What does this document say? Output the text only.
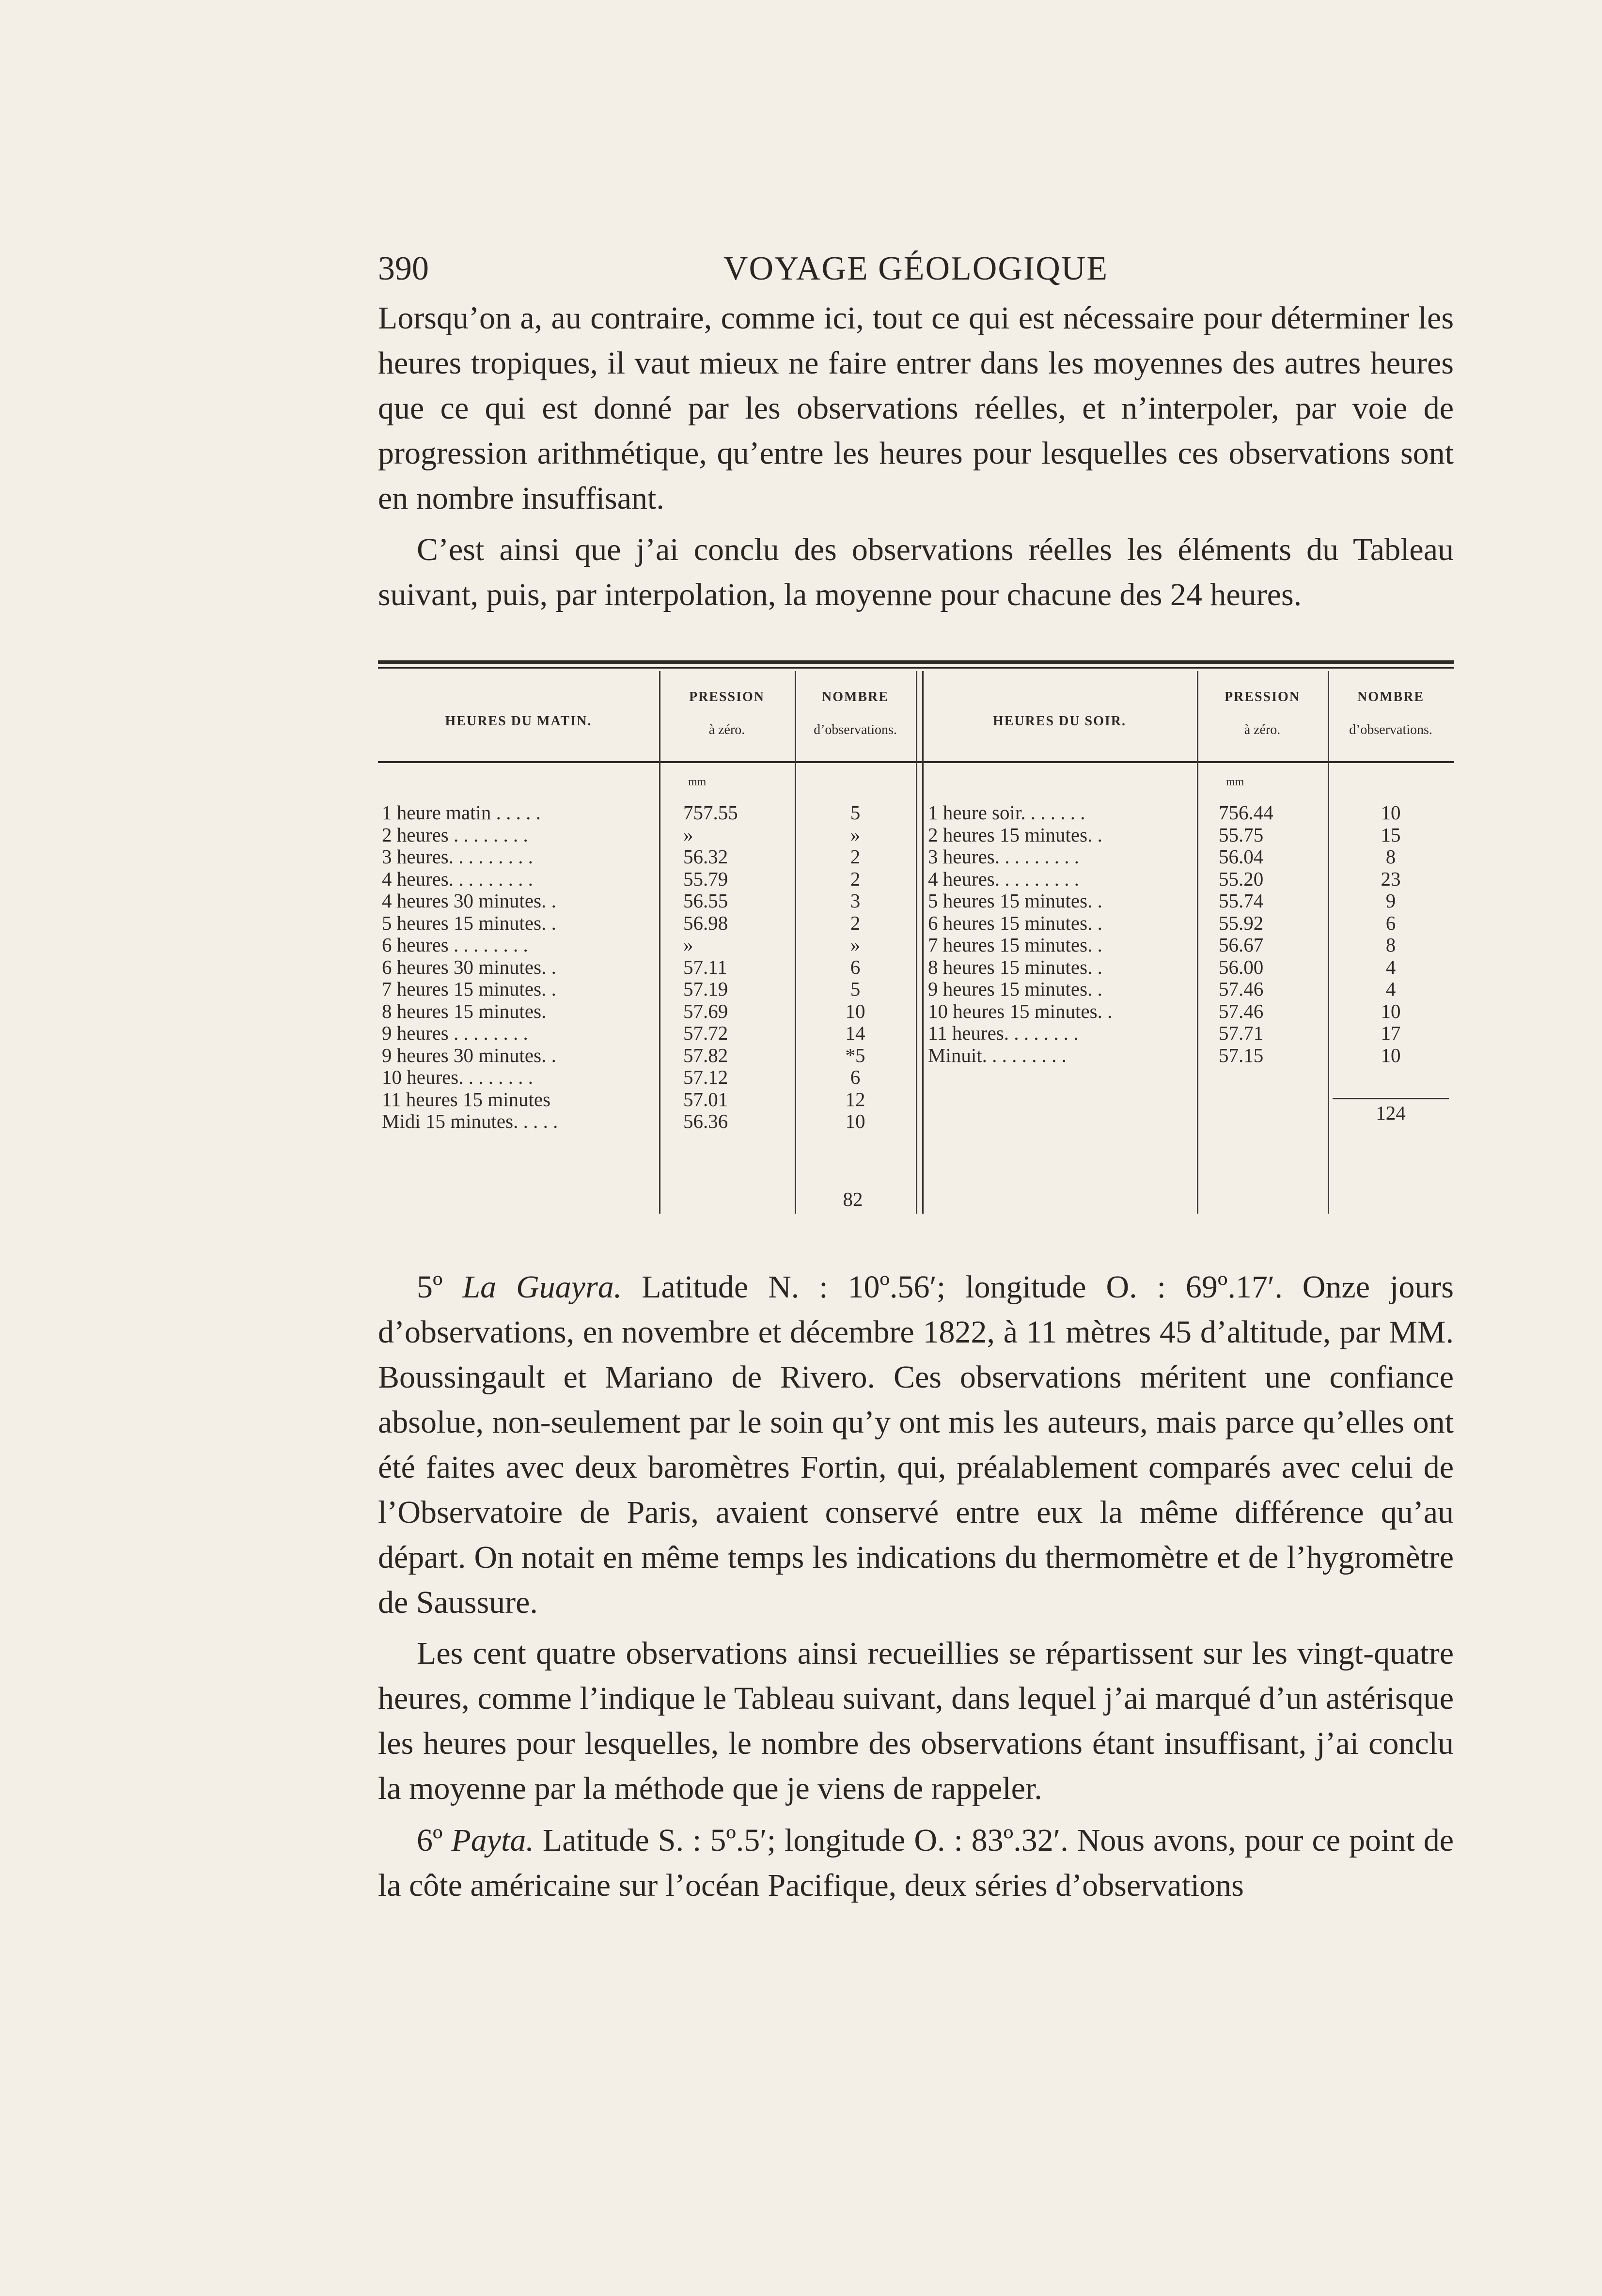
390	VOYAGE GÉOLOGIQUE

Lorsqu’on a, au contraire, comme ici, tout ce qui est nécessaire pour déterminer les heures tropiques, il vaut mieux ne faire entrer dans les moyennes des autres heures que ce qui est donné par les observations réelles, et n’interpoler, par voie de progression arithmétique, qu’entre les heures pour lesquelles ces observations sont en nombre insuffisant.

C’est ainsi que j’ai conclu des observations réelles les éléments du Tableau suivant, puis, par interpolation, la moyenne pour chacune des 24 heures.

HEURES DU MATIN.
PRESSION
à zéro.
NOMBRE
d’observations.
HEURES DU SOIR.
PRESSION
à zéro.
NOMBRE
d’observations.
mm	mm
1 heure matin . . . . .	757.55	5
2 heures . . . . . . . .	»	»
3 heures. . . . . . . . .	56.32	2
4 heures. . . . . . . . .	55.79	2
4 heures 30 minutes. .	56.55	3
5 heures 15 minutes. .	56.98	2
6 heures . . . . . . . .	»	»
6 heures 30 minutes. .	57.11	6
7 heures 15 minutes. .	57.19	5
8 heures 15 minutes.	57.69	10
9 heures . . . . . . . .	57.72	14
9 heures 30 minutes. .	57.82	*5
10 heures. . . . . . . .	57.12	6
11 heures 15 minutes	57.01	12
Midi 15 minutes. . . . .	56.36	10
1 heure soir. . . . . . .	756.44	10
2 heures 15 minutes. .	55.75	15
3 heures. . . . . . . . .	56.04	8
4 heures. . . . . . . . .	55.20	23
5 heures 15 minutes. .	55.74	9
6 heures 15 minutes. .	55.92	6
7 heures 15 minutes. .	56.67	8
8 heures 15 minutes. .	56.00	4
9 heures 15 minutes. .	57.46	4
10 heures 15 minutes. .	57.46	10
11 heures. . . . . . . .	57.71	17
Minuit. . . . . . . . .	57.15	10
82
124

5º La Guayra. Latitude N. : 10º.56′; longitude O. : 69º.17′. Onze jours d’observations, en novembre et décembre 1822, à 11 mètres 45 d’altitude, par MM. Boussingault et Mariano de Rivero. Ces observations méritent une confiance absolue, non-seulement par le soin qu’y ont mis les auteurs, mais parce qu’elles ont été faites avec deux baromètres Fortin, qui, préalablement comparés avec celui de l’Observatoire de Paris, avaient conservé entre eux la même différence qu’au départ. On notait en même temps les indications du thermomètre et de l’hygromètre de Saussure.

Les cent quatre observations ainsi recueillies se répartissent sur les vingt-quatre heures, comme l’indique le Tableau suivant, dans lequel j’ai marqué d’un astérisque les heures pour lesquelles, le nombre des observations étant insuffisant, j’ai conclu la moyenne par la méthode que je viens de rappeler.

6º Payta. Latitude S. : 5º.5′; longitude O. : 83º.32′. Nous avons, pour ce point de la côte américaine sur l’océan Pacifique, deux séries d’observations
